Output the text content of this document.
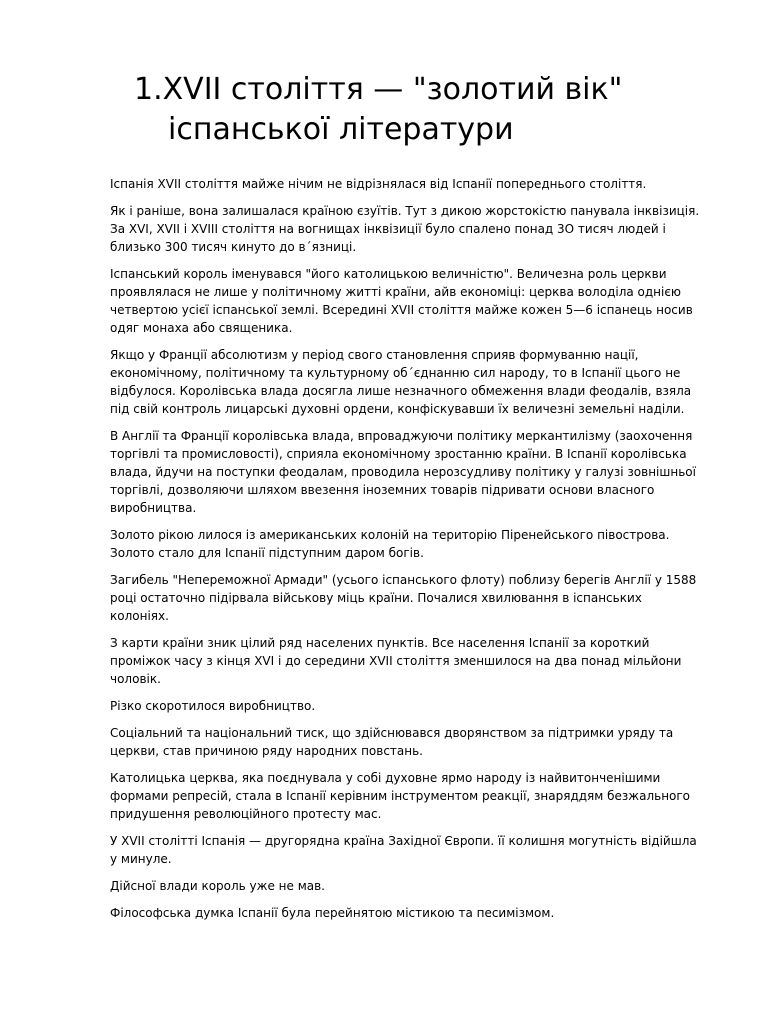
1.XVII століття — "золотий вік"
іспанської літератури

Іспанія XVII століття майже нічим не відрізнялася від Іспанії попереднього століття.

Як і раніше, вона залишалася країною єзуїтів. Тут з дикою жорстокістю панувала інквізиція. За XVI, XVII і XVIII століття на вогнищах інквізиції було спалено понад 3О тисяч людей і близько 300 тисяч кинуто до в´язниці.

Іспанський король іменувався "його католицькою величністю". Величезна роль церкви проявлялася не лише у політичному житті країни, айв економіці: церква володіла однією четвертою усієї іспанської землі. Всередині XVII століття майже кожен 5—6 іспанець носив одяг монаха або священика.

Якщо у Франції абсолютизм у період свого становлення сприяв формуванню нації, економічному, політичному та культурному об´єднанню сил народу, то в Іспанії цього не відбулося. Королівська влада досягла лише незначного обмеження влади феодалів, взяла під свій контроль лицарські духовні ордени, конфіскувавши їх величезні земельні наділи.

В Англії та Франції королівська влада, впроваджуючи політику меркантилізму (заохочення торгівлі та промисловості), сприяла економічному зростанню країни. В Іспанії королівська влада, йдучи на поступки феодалам, проводила нерозсудливу політику у галузі зовнішньої торгівлі, дозволяючи шляхом ввезення іноземних товарів підривати основи власного виробництва.

Золото рікою лилося із американських колоній на територію Піренейського півострова. Золото стало для Іспанії підступним даром богів.

Загибель "Непереможної Армади" (усього іспанського флоту) поблизу берегів Англії у 1588 році остаточно підірвала військову міць країни. Почалися хвилювання в іспанських колоніях.

З карти країни зник цілий ряд населених пунктів. Все населення Іспанії за короткий проміжок часу з кінця XVI і до середини XVII століття зменшилося на два понад мільйони чоловік.

Різко скоротилося виробництво.

Соціальний та національний тиск, що здійснювався дворянством за підтримки уряду та церкви, став причиною ряду народних повстань.

Католицька церква, яка поєднувала у собі духовне ярмо народу із найвитонченішими формами репресій, стала в Іспанії керівним інструментом реакції, знаряддям безжального придушення революційного протесту мас.

У XVII столітті Іспанія — другорядна країна Західної Європи. її колишня могутність відійшла у минуле.

Дійсної влади король уже не мав.

Філософська думка Іспанії була перейнятою містикою та песимізмом.
